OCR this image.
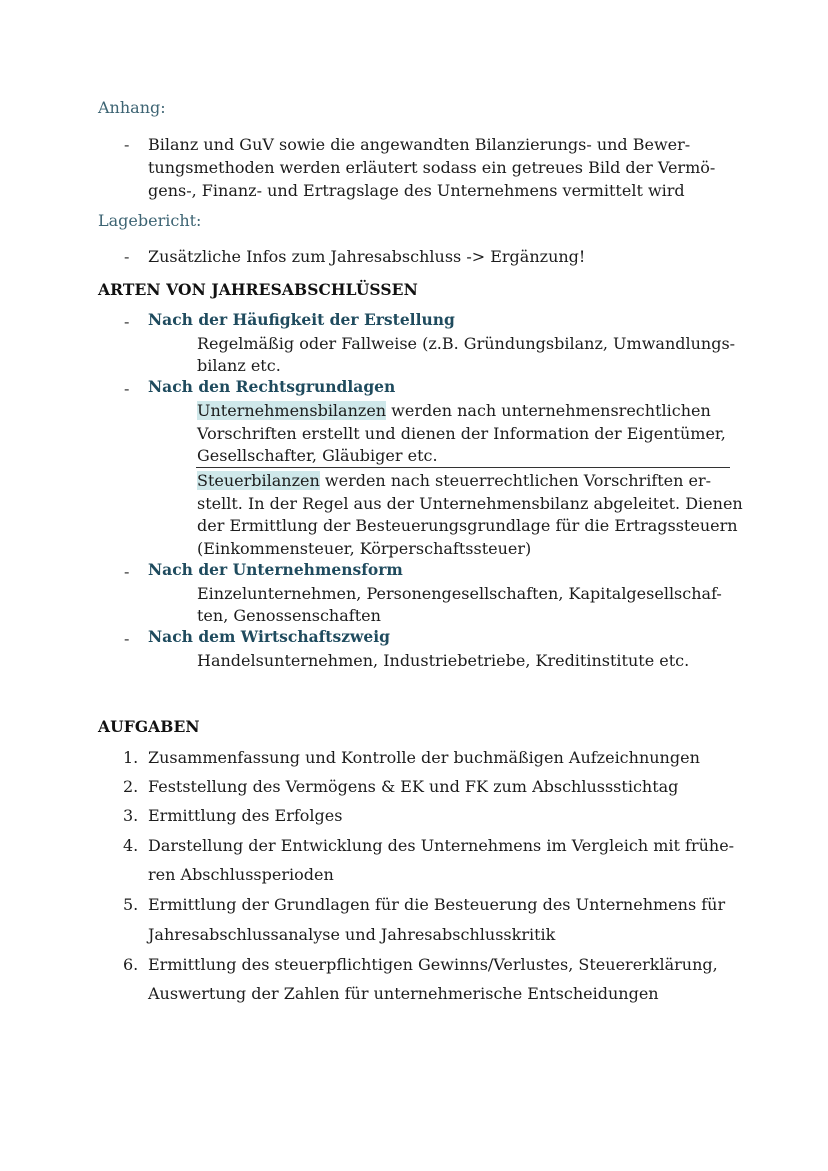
Anhang:
- Bilanz und GuV sowie die angewandten Bilanzierungs- und Bewer-
tungsmethoden werden erläutert sodass ein getreues Bild der Vermö-
gens-, Finanz- und Ertragslage des Unternehmens vermittelt wird
Lagebericht:
- Zusätzliche Infos zum Jahresabschluss -> Ergänzung!
ARTEN VON JAHRESABSCHLÜSSEN
- Nach der Häufigkeit der Erstellung
Regelmäßig oder Fallweise (z.B. Gründungsbilanz, Umwandlungs-
bilanz etc.
- Nach den Rechtsgrundlagen
Unternehmensbilanzen werden nach unternehmensrechtlichen
Vorschriften erstellt und dienen der Information der Eigentümer,
Gesellschafter, Gläubiger etc.
Steuerbilanzen werden nach steuerrechtlichen Vorschriften er-
stellt. In der Regel aus der Unternehmensbilanz abgeleitet. Dienen
der Ermittlung der Besteuerungsgrundlage für die Ertragssteuern
(Einkommensteuer, Körperschaftssteuer)
- Nach der Unternehmensform
Einzelunternehmen, Personengesellschaften, Kapitalgesellschaf-
ten, Genossenschaften
- Nach dem Wirtschaftszweig
Handelsunternehmen, Industriebetriebe, Kreditinstitute etc.
AUFGABEN
1. Zusammenfassung und Kontrolle der buchmäßigen Aufzeichnungen
2. Feststellung des Vermögens & EK und FK zum Abschlussstichtag
3. Ermittlung des Erfolges
4. Darstellung der Entwicklung des Unternehmens im Vergleich mit frühe-
ren Abschlussperioden
5. Ermittlung der Grundlagen für die Besteuerung des Unternehmens für
Jahresabschlussanalyse und Jahresabschlusskritik
6. Ermittlung des steuerpflichtigen Gewinns/Verlustes, Steuererklärung,
Auswertung der Zahlen für unternehmerische Entscheidungen
